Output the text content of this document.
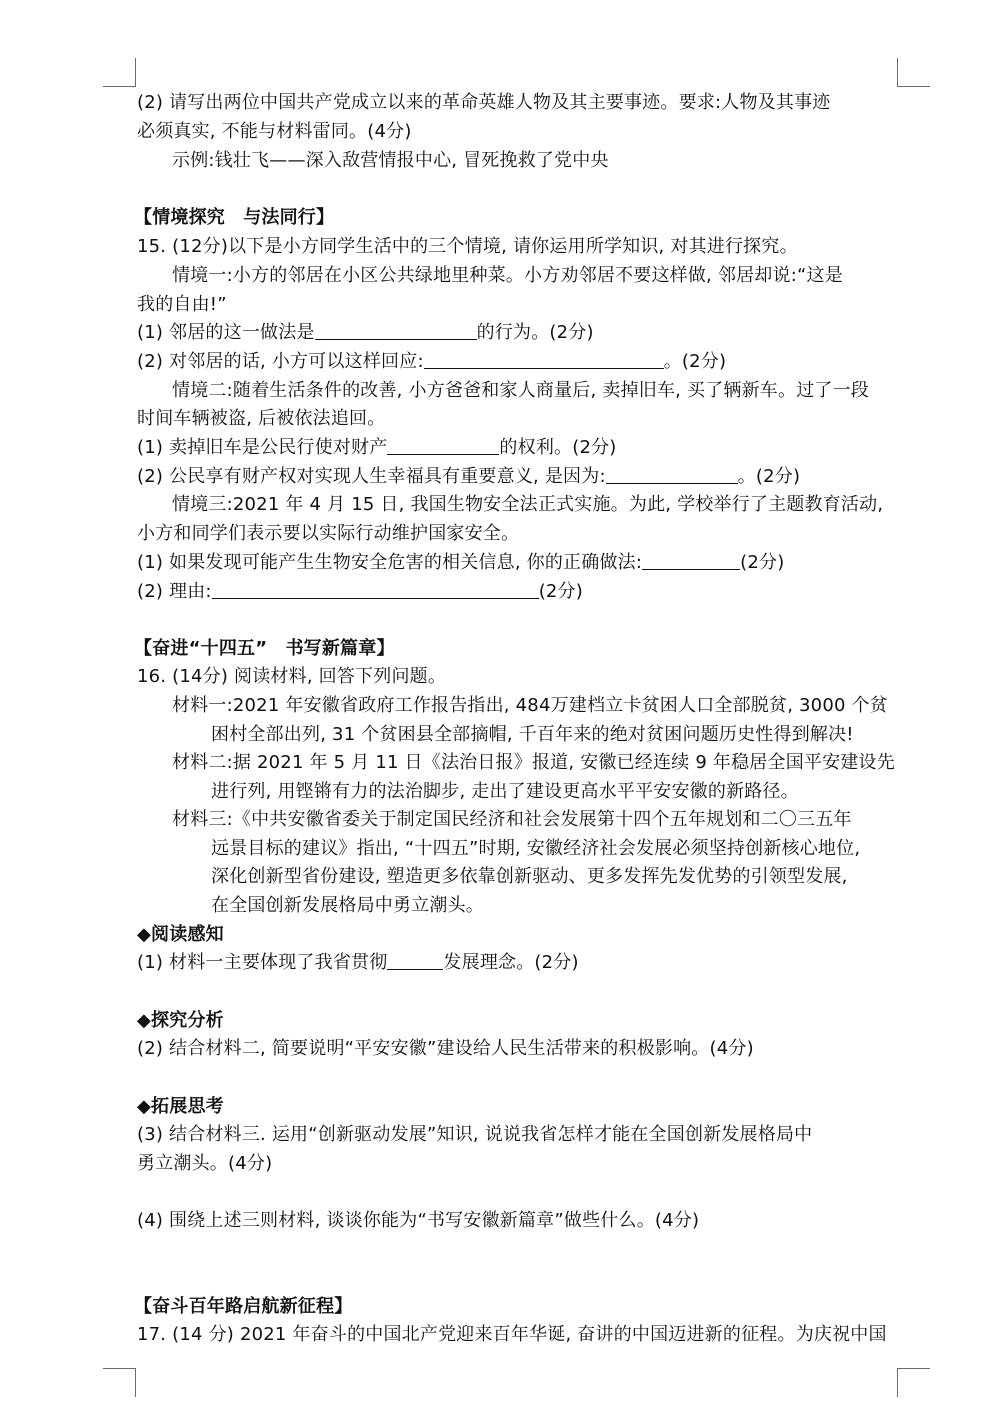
(2) 请写出两位中国共产党成立以来的革命英雄人物及其主要事迹。要求:人物及其事迹
必须真实, 不能与材料雷同。(4分)
示例:钱壮飞——深入敌营情报中心, 冒死挽救了党中央
【情境探究　与法同行】
15. (12分)以下是小方同学生活中的三个情境, 请你运用所学知识, 对其进行探究。
情境一:小方的邻居在小区公共绿地里种菜。小方劝邻居不要这样做, 邻居却说:“这是
我的自由!”
(1) 邻居的这一做法是	的行为。(2分)
(2) 对邻居的话, 小方可以这样回应:	。(2分)
情境二:随着生活条件的改善, 小方爸爸和家人商量后, 卖掉旧车, 买了辆新车。过了一段
时间车辆被盗, 后被依法追回。
(1) 卖掉旧车是公民行使对财产	的权利。(2分)
(2) 公民享有财产权对实现人生幸福具有重要意义, 是因为:	。(2分)
情境三:2021 年 4 月 15 日, 我国生物安全法正式实施。为此, 学校举行了主题教育活动,
小方和同学们表示要以实际行动维护国家安全。
(1) 如果发现可能产生生物安全危害的相关信息, 你的正确做法:	(2分)
(2) 理由:	(2分)
【奋进“十四五”　书写新篇章】
16. (14分) 阅读材料, 回答下列问题。
材料一:2021 年安徽省政府工作报告指出, 484万建档立卡贫困人口全部脱贫, 3000 个贫
困村全部出列, 31 个贫困县全部摘帽, 千百年来的绝对贫困问题历史性得到解决!
材料二:据 2021 年 5 月 11 日《法治日报》报道, 安徽已经连续 9 年稳居全国平安建设先
进行列, 用铿锵有力的法治脚步, 走出了建设更高水平平安安徽的新路径。
材料三:《中共安徽省委关于制定国民经济和社会发展第十四个五年规划和二〇三五年
远景目标的建议》指出, “十四五”时期, 安徽经济社会发展必须坚持创新核心地位,
深化创新型省份建设, 塑造更多依靠创新驱动、更多发挥先发优势的引领型发展,
在全国创新发展格局中勇立潮头。
◆阅读感知
(1) 材料一主要体现了我省贯彻	发展理念。(2分)
◆探究分析
(2) 结合材料二, 简要说明“平安安徽”建设给人民生活带来的积极影响。(4分)
◆拓展思考
(3) 结合材料三. 运用“创新驱动发展”知识, 说说我省怎样才能在全国创新发展格局中
勇立潮头。(4分)
(4) 围绕上述三则材料, 谈谈你能为“书写安徽新篇章”做些什么。(4分)
【奋斗百年路启航新征程】
17. (14 分) 2021 年奋斗的中国北产党迎来百年华诞, 奋讲的中国迈进新的征程。为庆祝中国
